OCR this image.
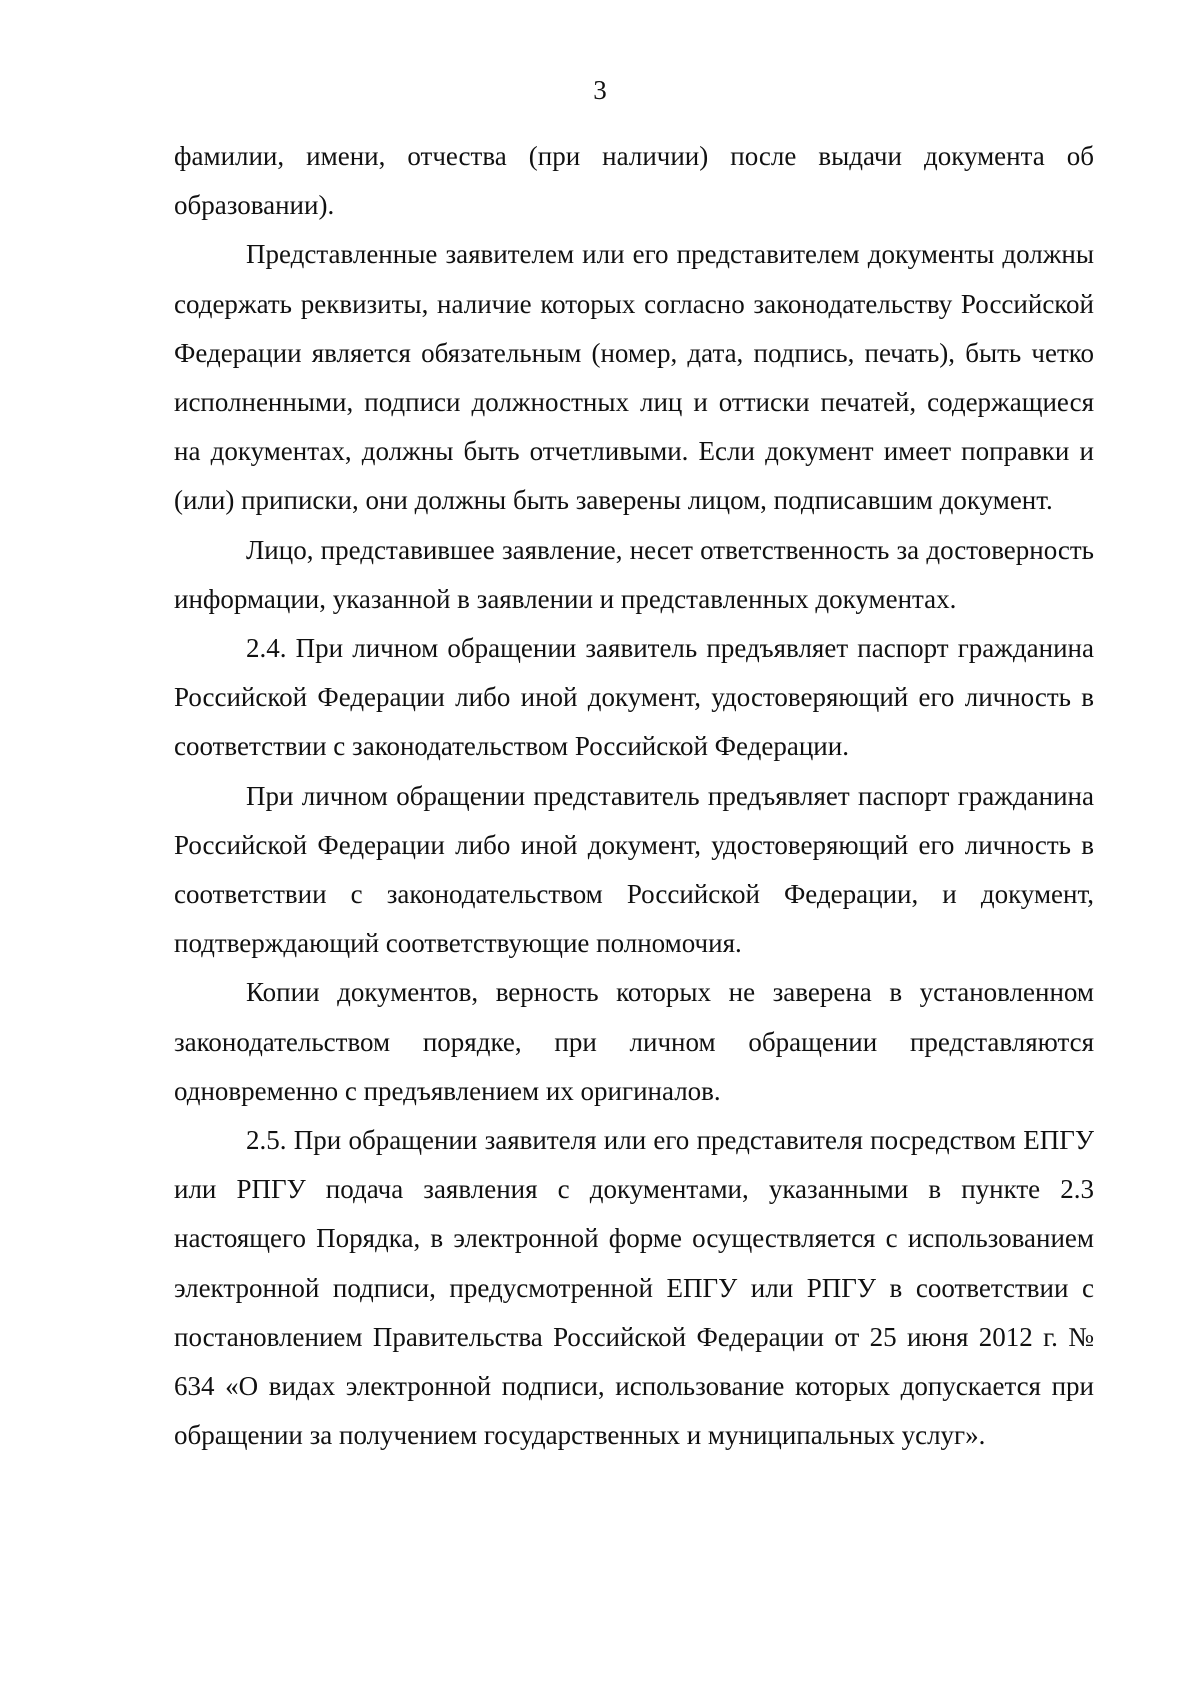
3

фамилии, имени, отчества (при наличии) после выдачи документа об образовании).

Представленные заявителем или его представителем документы должны содержать реквизиты, наличие которых согласно законодательству Российской Федерации является обязательным (номер, дата, подпись, печать), быть четко исполненными, подписи должностных лиц и оттиски печатей, содержащиеся на документах, должны быть отчетливыми. Если документ имеет поправки и (или) приписки, они должны быть заверены лицом, подписавшим документ.

Лицо, представившее заявление, несет ответственность за достоверность информации, указанной в заявлении и представленных документах.

2.4. При личном обращении заявитель предъявляет паспорт гражданина Российской Федерации либо иной документ, удостоверяющий его личность в соответствии с законодательством Российской Федерации.

При личном обращении представитель предъявляет паспорт гражданина Российской Федерации либо иной документ, удостоверяющий его личность в соответствии с законодательством Российской Федерации, и документ, подтверждающий соответствующие полномочия.

Копии документов, верность которых не заверена в установленном законодательством порядке, при личном обращении представляются одновременно с предъявлением их оригиналов.

2.5. При обращении заявителя или его представителя посредством ЕПГУ или РПГУ подача заявления с документами, указанными в пункте 2.3 настоящего Порядка, в электронной форме осуществляется с использованием электронной подписи, предусмотренной ЕПГУ или РПГУ в соответствии с постановлением Правительства Российской Федерации от 25 июня 2012 г. № 634 «О видах электронной подписи, использование которых допускается при обращении за получением государственных и муниципальных услуг».
